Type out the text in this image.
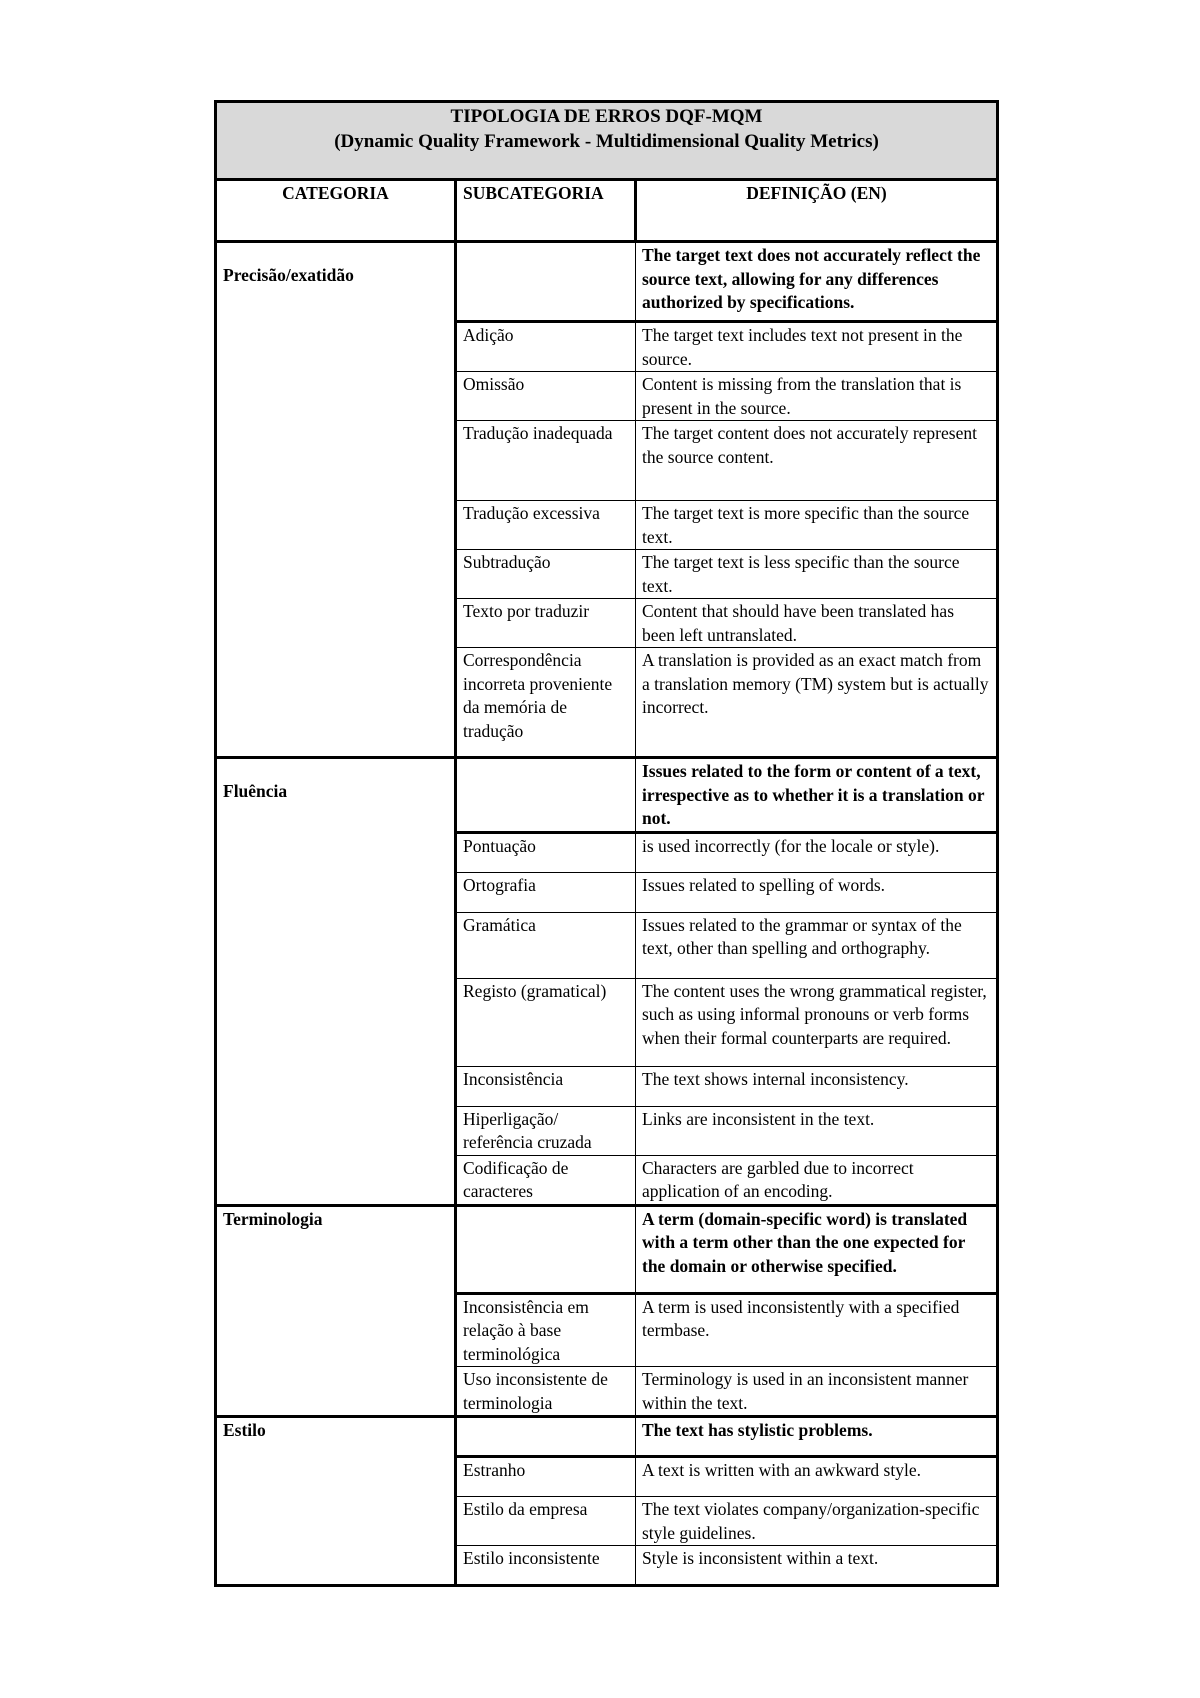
TIPOLOGIA DE ERROS DQF-MQM
(Dynamic Quality Framework - Multidimensional Quality Metrics)		

CATEGORIA	SUBCATEGORIA	DEFINIÇÃO (EN)

Precisão/exatidão		The target text does not accurately reflect the source text, allowing for any differences authorized by specifications.
	Adição	The target text includes text not present in the source.
	Omissão	Content is missing from the translation that is present in the source.
	Tradução inadequada	The target content does not accurately represent the source content.
	Tradução excessiva	The target text is more specific than the source text.
	Subtradução	The target text is less specific than the source text.
	Texto por traduzir	Content that should have been translated has been left untranslated.
	Correspondência incorreta proveniente da memória de tradução	A translation is provided as an exact match from a translation memory (TM) system but is actually incorrect.

Fluência		Issues related to the form or content of a text, irrespective as to whether it is a translation or not.
	Pontuação	is used incorrectly (for the locale or style).
	Ortografia	Issues related to spelling of words.
	Gramática	Issues related to the grammar or syntax of the text, other than spelling and orthography.
	Registo (gramatical)	The content uses the wrong grammatical register, such as using informal pronouns or verb forms when their formal counterparts are required.
	Inconsistência	The text shows internal inconsistency.
	Hiperligação/ referência cruzada	Links are inconsistent in the text.
	Codificação de caracteres	Characters are garbled due to incorrect application of an encoding.

Terminologia		A term (domain-specific word) is translated with a term other than the one expected for the domain or otherwise specified.
	Inconsistência em relação à base terminológica	A term is used inconsistently with a specified termbase.
	Uso inconsistente de terminologia	Terminology is used in an inconsistent manner within the text.

Estilo		The text has stylistic problems.
	Estranho	A text is written with an awkward style.
	Estilo da empresa	The text violates company/organization-specific style guidelines.
	Estilo inconsistente	Style is inconsistent within a text.
